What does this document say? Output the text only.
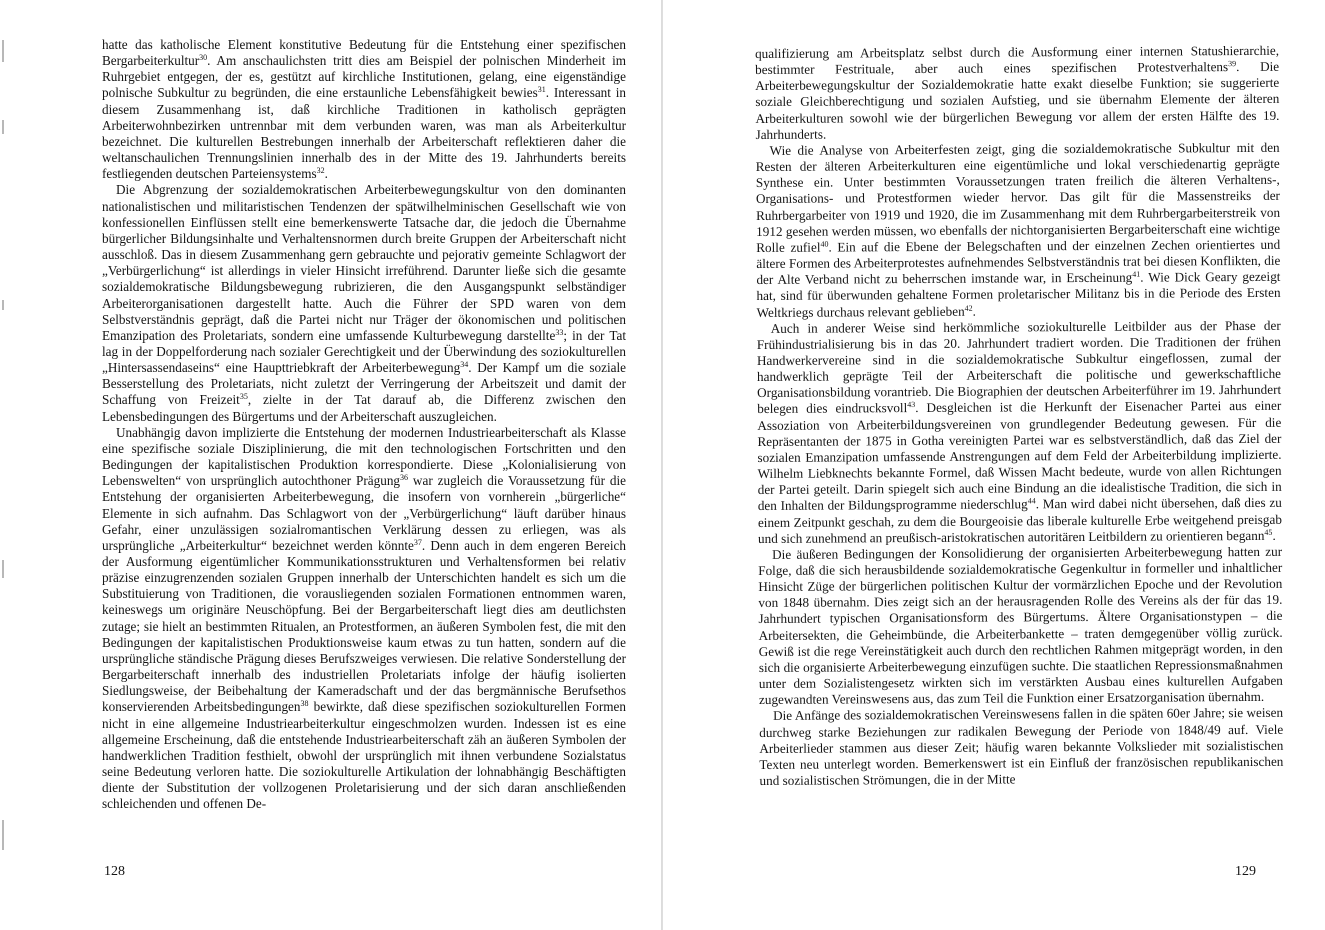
hatte das katholische Element konstitutive Bedeutung für die Entstehung einer spezifischen Bergarbeiterkultur$^{30}$. Am anschaulichsten tritt dies am Beispiel der polnischen Minderheit im Ruhrgebiet entgegen, der es, gestützt auf kirchliche Institutionen, gelang, eine eigenständige polnische Subkultur zu begründen, die eine erstaunliche Lebensfähigkeit bewies$^{31}$. Interessant in diesem Zusammenhang ist, daß kirchliche Traditionen in katholisch geprägten Arbeiterwohnbezirken untrennbar mit dem verbunden waren, was man als Arbeiterkultur bezeichnet. Die kulturellen Bestrebungen innerhalb der Arbeiterschaft reflektieren daher die weltanschaulichen Trennungslinien innerhalb des in der Mitte des 19. Jahrhunderts bereits festliegenden deutschen Parteiensystems$^{32}$.

Die Abgrenzung der sozialdemokratischen Arbeiterbewegungskultur von den dominanten nationalistischen und militaristischen Tendenzen der spätwilhelminischen Gesellschaft wie von konfessionellen Einflüssen stellt eine bemerkenswerte Tatsache dar, die jedoch die Übernahme bürgerlicher Bildungsinhalte und Verhaltensnormen durch breite Gruppen der Arbeiterschaft nicht ausschloß. Das in diesem Zusammenhang gern gebrauchte und pejorativ gemeinte Schlagwort der „Verbürgerlichung“ ist allerdings in vieler Hinsicht irreführend. Darunter ließe sich die gesamte sozialdemokratische Bildungsbewegung rubrizieren, die den Ausgangspunkt selbständiger Arbeiterorganisationen dargestellt hatte. Auch die Führer der SPD waren von dem Selbstverständnis geprägt, daß die Partei nicht nur Träger der ökonomischen und politischen Emanzipation des Proletariats, sondern eine umfassende Kulturbewegung darstellte$^{33}$; in der Tat lag in der Doppelforderung nach sozialer Gerechtigkeit und der Überwindung des soziokulturellen „Hintersassendaseins“ eine Haupttriebkraft der Arbeiterbewegung$^{34}$. Der Kampf um die soziale Besserstellung des Proletariats, nicht zuletzt der Verringerung der Arbeitszeit und damit der Schaffung von Freizeit$^{35}$, zielte in der Tat darauf ab, die Differenz zwischen den Lebensbedingungen des Bürgertums und der Arbeiterschaft auszugleichen.

Unabhängig davon implizierte die Entstehung der modernen Industriearbeiterschaft als Klasse eine spezifische soziale Disziplinierung, die mit den technologischen Fortschritten und den Bedingungen der kapitalistischen Produktion korrespondierte. Diese „Kolonialisierung von Lebenswelten“ von ursprünglich autochthoner Prägung$^{36}$ war zugleich die Voraussetzung für die Entstehung der organisierten Arbeiterbewegung, die insofern von vornherein „bürgerliche“ Elemente in sich aufnahm. Das Schlagwort von der „Verbürgerlichung“ läuft darüber hinaus Gefahr, einer unzulässigen sozialromantischen Verklärung dessen zu erliegen, was als ursprüngliche „Arbeiterkultur“ bezeichnet werden könnte$^{37}$. Denn auch in dem engeren Bereich der Ausformung eigentümlicher Kommunikationsstrukturen und Verhaltensformen bei relativ präzise einzugrenzenden sozialen Gruppen innerhalb der Unterschichten handelt es sich um die Substituierung von Traditionen, die vorausliegenden sozialen Formationen entnommen waren, keineswegs um originäre Neuschöpfung. Bei der Bergarbeiterschaft liegt dies am deutlichsten zutage; sie hielt an bestimmten Ritualen, an Protestformen, an äußeren Symbolen fest, die mit den Bedingungen der kapitalistischen Produktionsweise kaum etwas zu tun hatten, sondern auf die ursprüngliche ständische Prägung dieses Berufszweiges verwiesen. Die relative Sonderstellung der Bergarbeiterschaft innerhalb des industriellen Proletariats infolge der häufig isolierten Siedlungsweise, der Beibehaltung der Kameradschaft und der das bergmännische Berufsethos konservierenden Arbeitsbedingungen$^{38}$ bewirkte, daß diese spezifischen soziokulturellen Formen nicht in eine allgemeine Industriearbeiterkultur eingeschmolzen wurden. Indessen ist es eine allgemeine Erscheinung, daß die entstehende Industriearbeiterschaft zäh an äußeren Symbolen der handwerklichen Tradition festhielt, obwohl der ursprünglich mit ihnen verbundene Sozialstatus seine Bedeutung verloren hatte. Die soziokulturelle Artikulation der lohnabhängig Beschäftigten diente der Substitution der vollzogenen Proletarisierung und der sich daran anschließenden schleichenden und offenen De-

128

qualifizierung am Arbeitsplatz selbst durch die Ausformung einer internen Statushierarchie, bestimmter Festrituale, aber auch eines spezifischen Protestverhaltens$^{39}$. Die Arbeiterbewegungskultur der Sozialdemokratie hatte exakt dieselbe Funktion; sie suggerierte soziale Gleichberechtigung und sozialen Aufstieg, und sie übernahm Elemente der älteren Arbeiterkulturen sowohl wie der bürgerlichen Bewegung vor allem der ersten Hälfte des 19. Jahrhunderts.

Wie die Analyse von Arbeiterfesten zeigt, ging die sozialdemokratische Subkultur mit den Resten der älteren Arbeiterkulturen eine eigentümliche und lokal verschiedenartig geprägte Synthese ein. Unter bestimmten Voraussetzungen traten freilich die älteren Verhaltens-, Organisations- und Protestformen wieder hervor. Das gilt für die Massenstreiks der Ruhrbergarbeiter von 1919 und 1920, die im Zusammenhang mit dem Ruhrbergarbeiterstreik von 1912 gesehen werden müssen, wo ebenfalls der nichtorganisierten Bergarbeiterschaft eine wichtige Rolle zufiel$^{40}$. Ein auf die Ebene der Belegschaften und der einzelnen Zechen orientiertes und ältere Formen des Arbeiterprotestes aufnehmendes Selbstverständnis trat bei diesen Konflikten, die der Alte Verband nicht zu beherrschen imstande war, in Erscheinung$^{41}$. Wie Dick Geary gezeigt hat, sind für überwunden gehaltene Formen proletarischer Militanz bis in die Periode des Ersten Weltkriegs durchaus relevant geblieben$^{42}$.

Auch in anderer Weise sind herkömmliche soziokulturelle Leitbilder aus der Phase der Frühindustrialisierung bis in das 20. Jahrhundert tradiert worden. Die Traditionen der frühen Handwerkervereine sind in die sozialdemokratische Subkultur eingeflossen, zumal der handwerklich geprägte Teil der Arbeiterschaft die politische und gewerkschaftliche Organisationsbildung vorantrieb. Die Biographien der deutschen Arbeiterführer im 19. Jahrhundert belegen dies eindrucksvoll$^{43}$. Desgleichen ist die Herkunft der Eisenacher Partei aus einer Assoziation von Arbeiterbildungsvereinen von grundlegender Bedeutung gewesen. Für die Repräsentanten der 1875 in Gotha vereinigten Partei war es selbstverständlich, daß das Ziel der sozialen Emanzipation umfassende Anstrengungen auf dem Feld der Arbeiterbildung implizierte. Wilhelm Liebknechts bekannte Formel, daß Wissen Macht bedeute, wurde von allen Richtungen der Partei geteilt. Darin spiegelt sich auch eine Bindung an die idealistische Tradition, die sich in den Inhalten der Bildungsprogramme niederschlug$^{44}$. Man wird dabei nicht übersehen, daß dies zu einem Zeitpunkt geschah, zu dem die Bourgeoisie das liberale kulturelle Erbe weitgehend preisgab und sich zunehmend an preußisch-aristokratischen autoritären Leitbildern zu orientieren begann$^{45}$.

Die äußeren Bedingungen der Konsolidierung der organisierten Arbeiterbewegung hatten zur Folge, daß die sich herausbildende sozialdemokratische Gegenkultur in formeller und inhaltlicher Hinsicht Züge der bürgerlichen politischen Kultur der vormärzlichen Epoche und der Revolution von 1848 übernahm. Dies zeigt sich an der herausragenden Rolle des Vereins als der für das 19. Jahrhundert typischen Organisationsform des Bürgertums. Ältere Organisationstypen – die Arbeitersekten, die Geheimbünde, die Arbeiterbankette – traten demgegenüber völlig zurück. Gewiß ist die rege Vereinstätigkeit auch durch den rechtlichen Rahmen mitgeprägt worden, in den sich die organisierte Arbeiterbewegung einzufügen suchte. Die staatlichen Repressionsmaßnahmen unter dem Sozialistengesetz wirkten sich im verstärkten Ausbau eines kulturellen Aufgaben zugewandten Vereinswesens aus, das zum Teil die Funktion einer Ersatzorganisation übernahm.

Die Anfänge des sozialdemokratischen Vereinswesens fallen in die späten 60er Jahre; sie weisen durchweg starke Beziehungen zur radikalen Bewegung der Periode von 1848/49 auf. Viele Arbeiterlieder stammen aus dieser Zeit; häufig waren bekannte Volkslieder mit sozialistischen Texten neu unterlegt worden. Bemerkenswert ist ein Einfluß der französischen republikanischen und sozialistischen Strömungen, die in der Mitte

129
